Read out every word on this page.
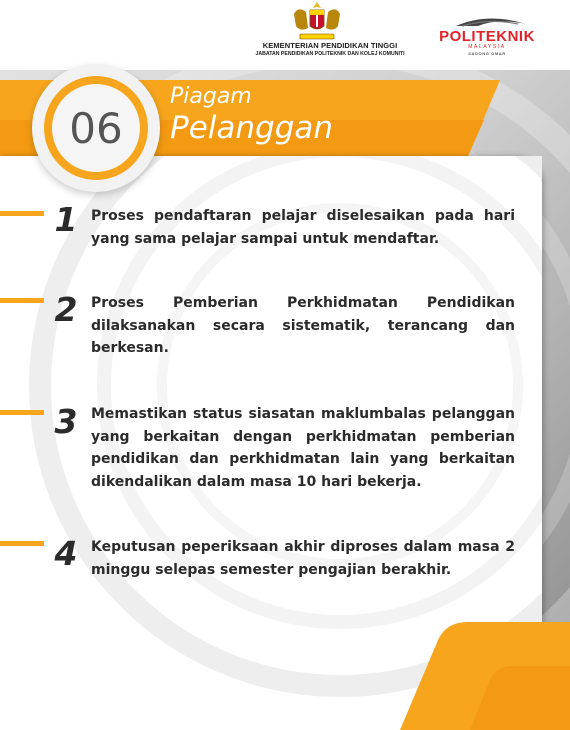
KEMENTERIAN PENDIDIKAN TINGGI
JABATAN PENDIDIKAN POLITEKNIK DAN KOLEJ KOMUNITI
POLITEKNIK
MALAYSIA
SADONG OMAR
06
Piagam
Pelanggan
1 Proses pendaftaran pelajar diselesaikan pada hari yang sama pelajar sampai untuk mendaftar.
2 Proses Pemberian Perkhidmatan Pendidikan dilaksanakan secara sistematik, terancang dan berkesan.
3 Memastikan status siasatan maklumbalas pelanggan yang berkaitan dengan perkhidmatan pemberian pendidikan dan perkhidmatan lain yang berkaitan dikendalikan dalam masa 10 hari bekerja.
4 Keputusan peperiksaan akhir diproses dalam masa 2 minggu selepas semester pengajian berakhir.
